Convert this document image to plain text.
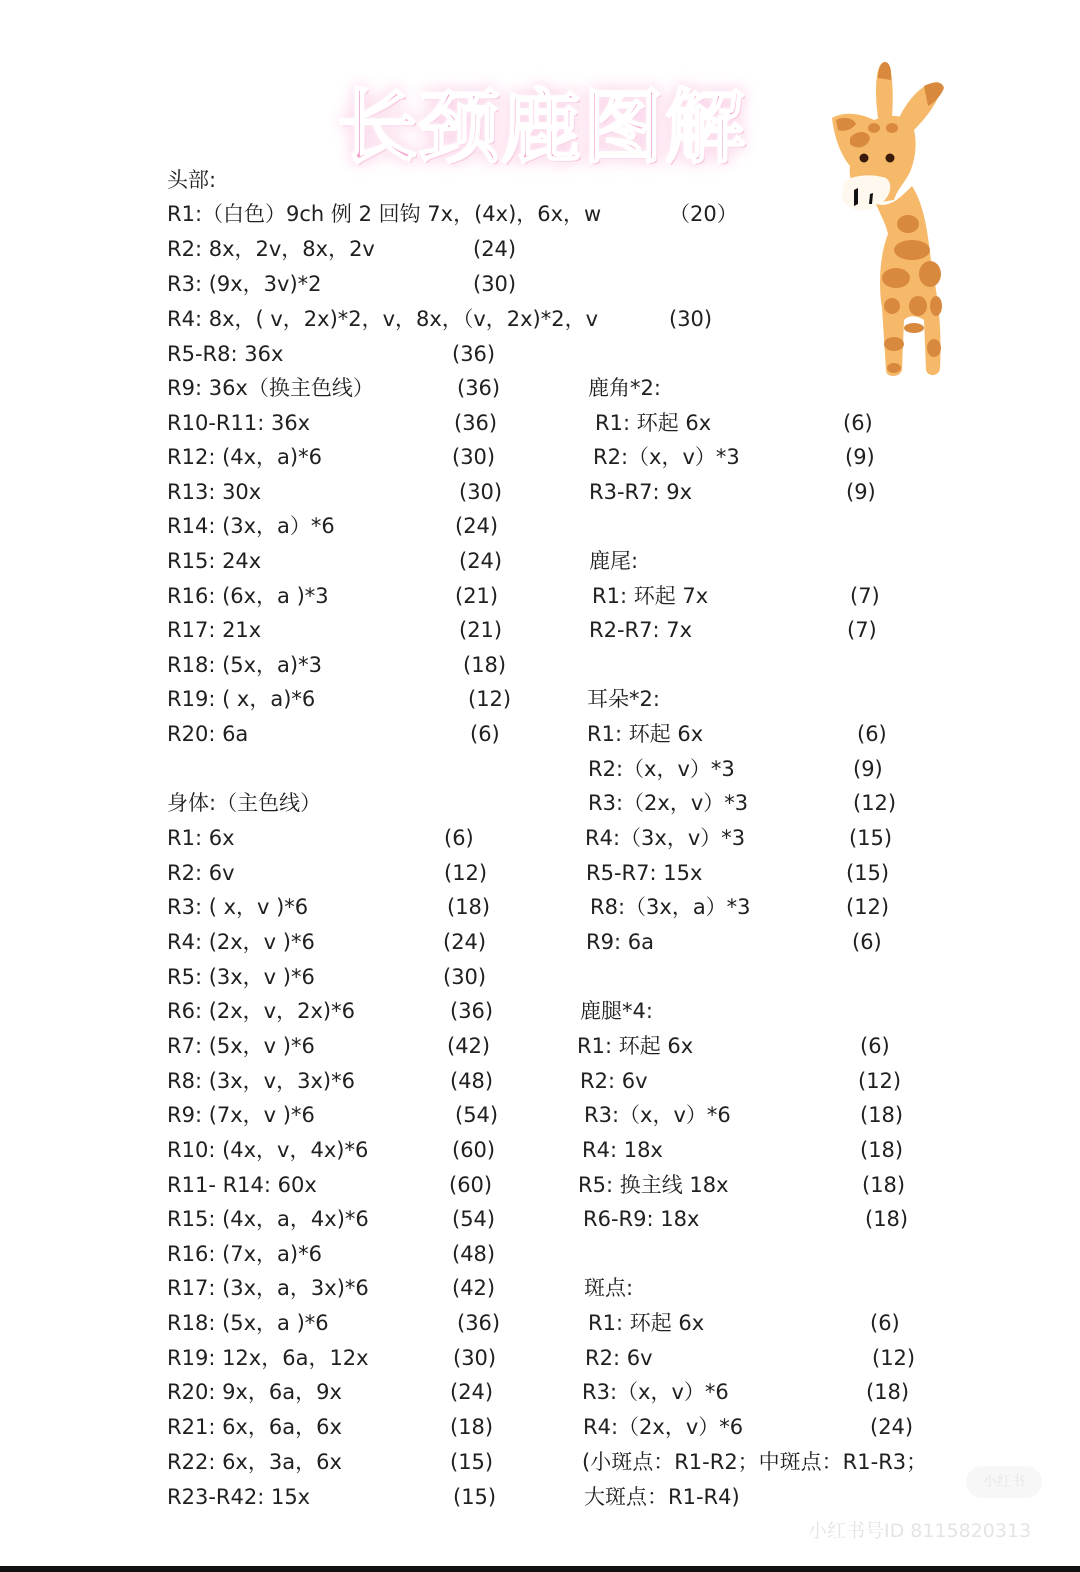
长颈鹿图解
头部:
R1:（白色）9ch 例 2 回钩 7x，(4x)，6x，w	（20）
R2: 8x，2v，8x，2v	(24)
R3: (9x，3v)*2	(30)
R4: 8x，( v，2x)*2，v，8x，（v，2x)*2，v	(30)
R5-R8: 36x	(36)
R9: 36x（换主色线）	(36)
R10-R11: 36x	(36)
R12: (4x，a)*6	(30)
R13: 30x	(30)
R14: (3x，a）*6	(24)
R15: 24x	(24)
R16: (6x，a )*3	(21)
R17: 21x	(21)
R18: (5x，a)*3	(18)
R19: ( x，a)*6	(12)
R20: 6a	(6)
身体:（主色线）
R1: 6x	(6)
R2: 6v	(12)
R3: ( x，v )*6	(18)
R4: (2x，v )*6	(24)
R5: (3x，v )*6	(30)
R6: (2x，v，2x)*6	(36)
R7: (5x，v )*6	(42)
R8: (3x，v，3x)*6	(48)
R9: (7x，v )*6	(54)
R10: (4x，v，4x)*6	(60)
R11- R14: 60x	(60)
R15: (4x，a，4x)*6	(54)
R16: (7x，a)*6	(48)
R17: (3x，a，3x)*6	(42)
R18: (5x，a )*6	(36)
R19: 12x，6a，12x	(30)
R20: 9x，6a，9x	(24)
R21: 6x，6a，6x	(18)
R22: 6x，3a，6x	(15)
R23-R42: 15x	(15)
鹿角*2:
R1: 环起 6x	(6)
R2:（x，v）*3	(9)
R3-R7: 9x	(9)
鹿尾:
R1: 环起 7x	(7)
R2-R7: 7x	(7)
耳朵*2:
R1: 环起 6x	(6)
R2:（x，v）*3	(9)
R3:（2x，v）*3	(12)
R4:（3x，v）*3	(15)
R5-R7: 15x	(15)
R8:（3x，a）*3	(12)
R9: 6a	(6)
鹿腿*4:
R1: 环起 6x	(6)
R2: 6v	(12)
R3:（x，v）*6	(18)
R4: 18x	(18)
R5: 换主线 18x	(18)
R6-R9: 18x	(18)
斑点:
R1: 环起 6x	(6)
R2: 6v	(12)
R3:（x，v）*6	(18)
R4:（2x，v）*6	(24)
(小斑点：R1-R2；中斑点：R1-R3；
大斑点：R1-R4)
小红书
小红书号ID 8115820313
